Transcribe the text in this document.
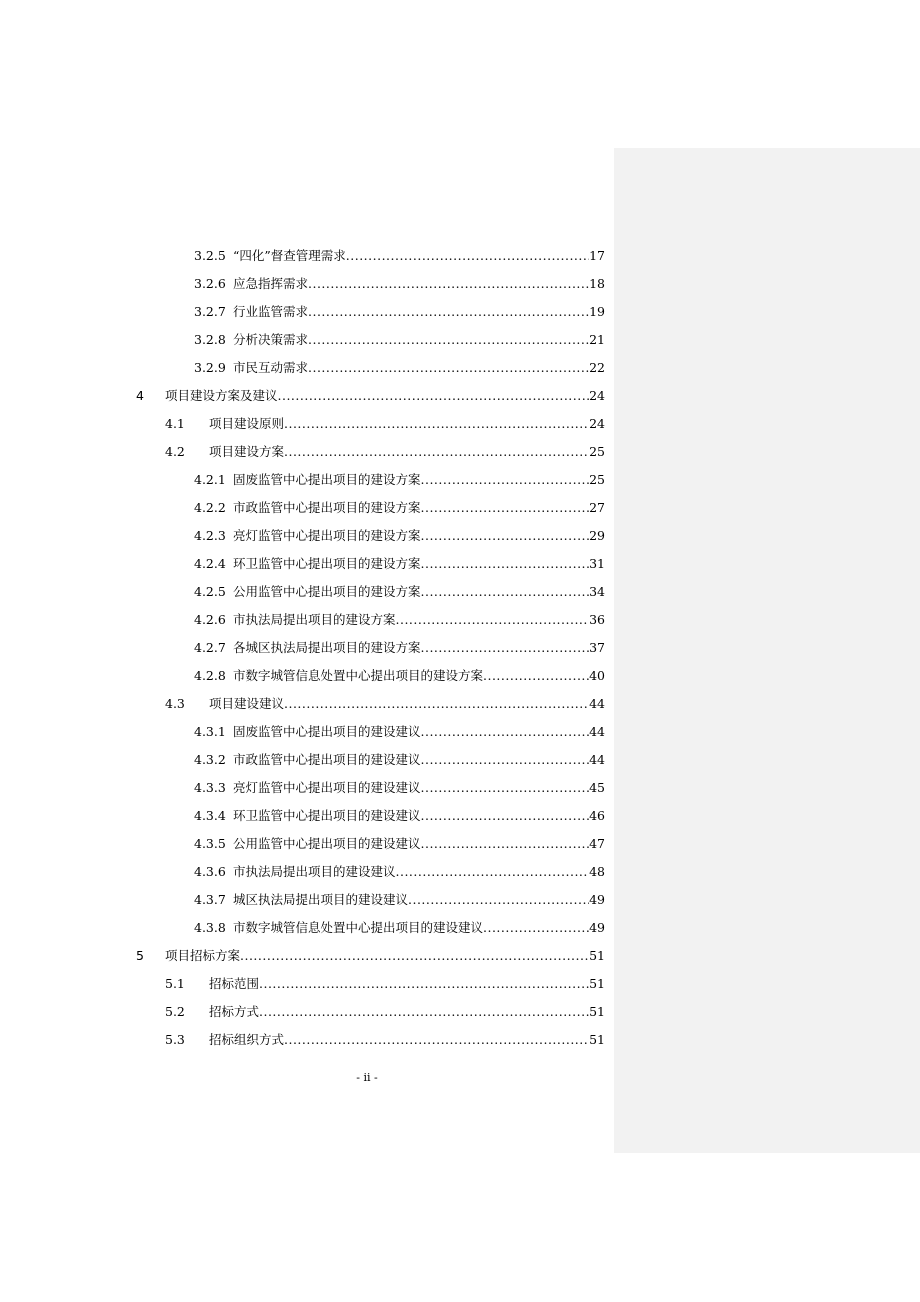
3.2.5 “四化”督查管理需求 .....	17
3.2.6 应急指挥需求 .....	18
3.2.7 行业监管需求 .....	19
3.2.8 分析决策需求 .....	21
3.2.9 市民互动需求 .....	22
4 项目建设方案及建议 .....	24
4.1 项目建设原则 .....	24
4.2 项目建设方案 .....	25
4.2.1 固废监管中心提出项目的建设方案 .....	25
4.2.2 市政监管中心提出项目的建设方案 .....	27
4.2.3 亮灯监管中心提出项目的建设方案 .....	29
4.2.4 环卫监管中心提出项目的建设方案 .....	31
4.2.5 公用监管中心提出项目的建设方案 .....	34
4.2.6 市执法局提出项目的建设方案 .....	36
4.2.7 各城区执法局提出项目的建设方案 .....	37
4.2.8 市数字城管信息处置中心提出项目的建设方案 .....	40
4.3 项目建设建议 .....	44
4.3.1 固废监管中心提出项目的建设建议 .....	44
4.3.2 市政监管中心提出项目的建设建议 .....	44
4.3.3 亮灯监管中心提出项目的建设建议 .....	45
4.3.4 环卫监管中心提出项目的建设建议 .....	46
4.3.5 公用监管中心提出项目的建设建议 .....	47
4.3.6 市执法局提出项目的建设建议 .....	48
4.3.7 城区执法局提出项目的建设建议 .....	49
4.3.8 市数字城管信息处置中心提出项目的建设建议 .....	49
5 项目招标方案 .....	51
5.1 招标范围 .....	51
5.2 招标方式 .....	51
5.3 招标组织方式 .....	51
- ii -
